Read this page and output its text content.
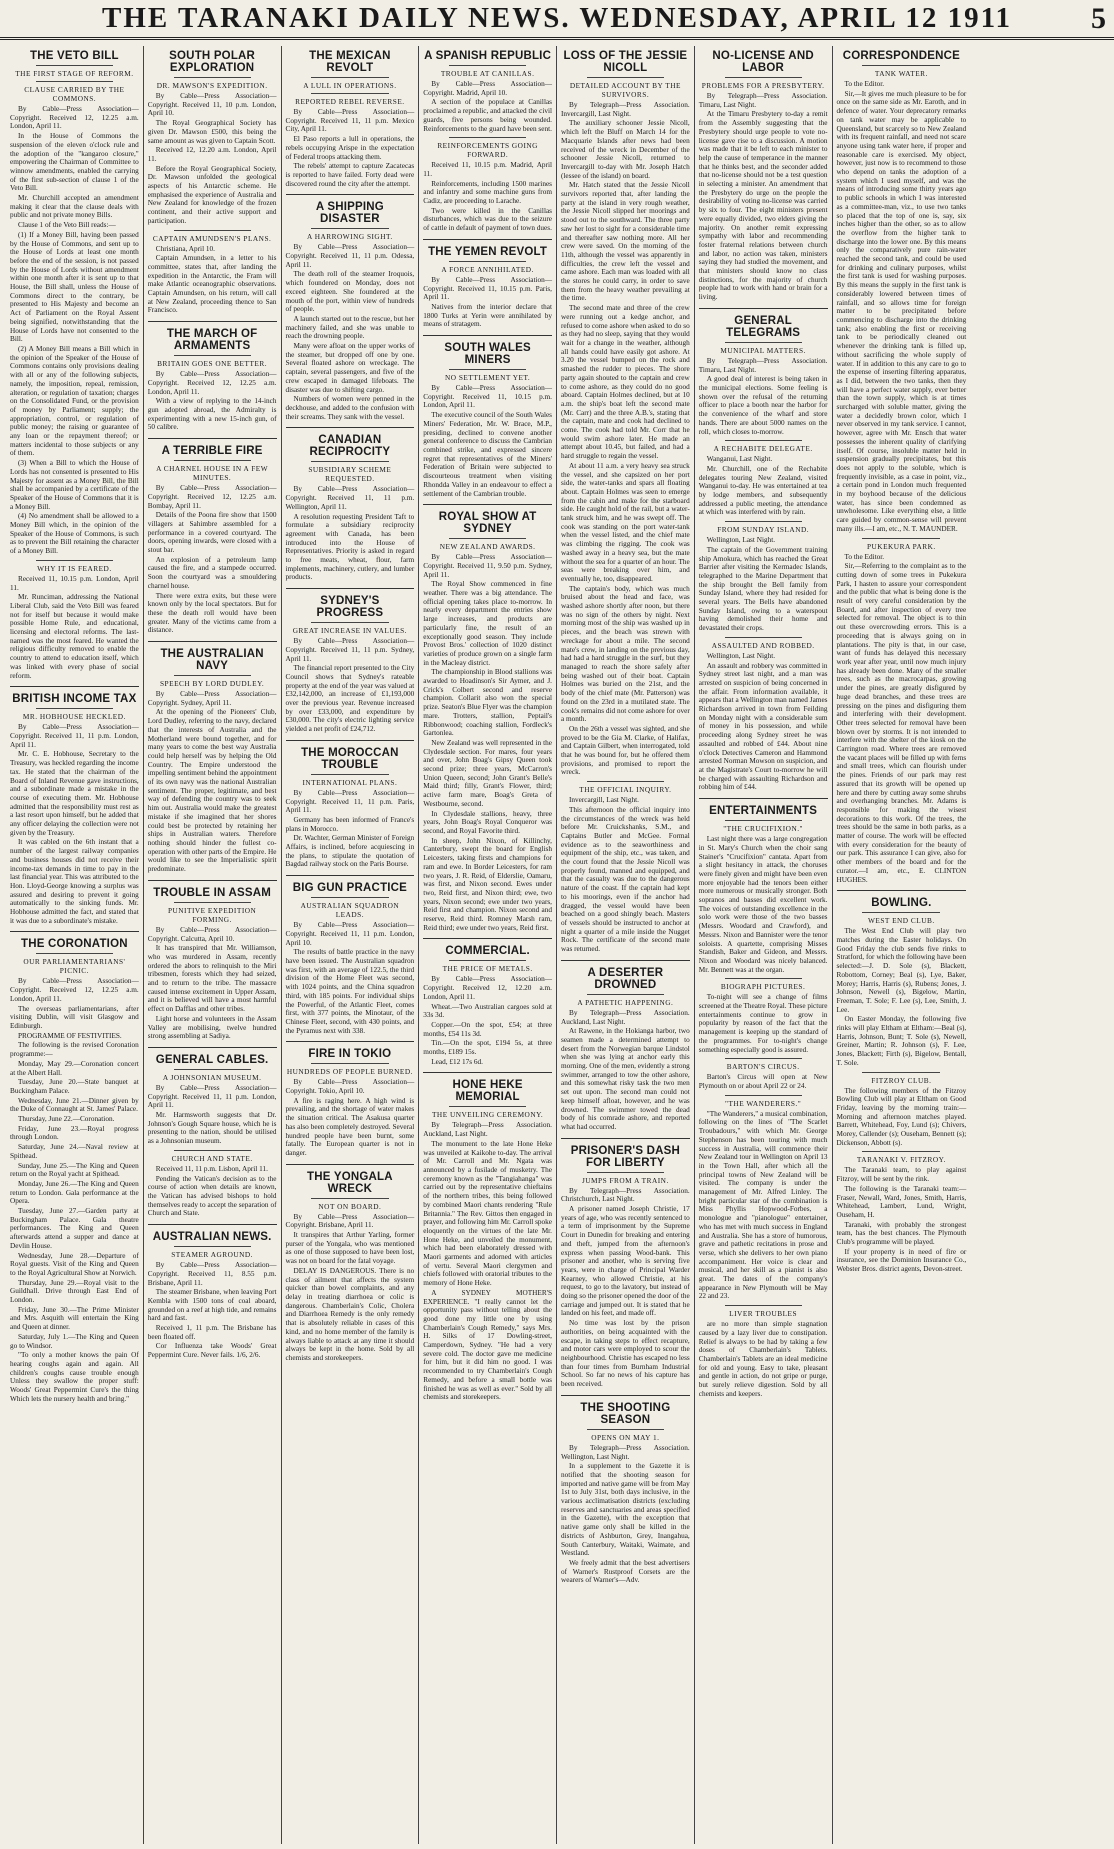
THE TARANAKI DAILY NEWS. WEDNESDAY, APRIL 12 1911	5
THE VETO BILL
THE FIRST STAGE OF REFORM.
CLAUSE CARRIED BY THE COMMONS.

By Cable—Press Association—Copyright. Received 12, 12.25 a.m. London, April 11.

In the House of Commons the suspension of the eleven o'clock rule and the adoption of the "kangaroo closure," empowering the Chairman of Committee to winnow amendments, enabled the carrying of the first sub-section of clause 1 of the Veto Bill.

Mr. Churchill accepted an amendment making it clear that the clause deals with public and not private money Bills.

Clause 1 of the Veto Bill reads:—

(1) If a Money Bill, having been passed by the House of Commons, and sent up to the House of Lords at least one month before the end of the session, is not passed by the House of Lords without amendment within one month after it is sent up to that House, the Bill shall, unless the House of Commons direct to the contrary, be presented to His Majesty and become an Act of Parliament on the Royal Assent being signified, notwithstanding that the House of Lords have not consented to the Bill.

(2) A Money Bill means a Bill which in the opinion of the Speaker of the House of Commons contains only provisions dealing with all or any of the following subjects, namely, the imposition, repeal, remission, alteration, or regulation of taxation; charges on the Consolidated Fund, or the provision of money by Parliament; supply; the appropriation, control, or regulation of public money; the raising or guarantee of any loan or the repayment thereof; or matters incidental to those subjects or any of them.

(3) When a Bill to which the House of Lords has not consented is presented to His Majesty for assent as a Money Bill, the Bill shall be accompanied by a certificate of the Speaker of the House of Commons that it is a Money Bill.

(4) No amendment shall be allowed to a Money Bill which, in the opinion of the Speaker of the House of Commons, is such as to prevent the Bill retaining the character of a Money Bill.

WHY IT IS FEARED.

Received 11, 10.15 p.m. London, April 11.

Mr. Runciman, addressing the National Liberal Club, said the Veto Bill was feared not for itself but because it would make possible Home Rule, and educational, licensing and electoral reforms. The last-named was the most feared. He wanted the religious difficulty removed to enable the country to attend to education itself, which was linked with every phase of social reform.

BRITISH INCOME TAX
MR. HOBHOUSE HECKLED.

By Cable—Press Association—Copyright. Received 11, 11 p.m. London, April 11.

Mr. C. E. Hobhouse, Secretary to the Treasury, was heckled regarding the income tax. He stated that the chairman of the Board of Inland Revenue gave instructions, and a subordinate made a mistake in the course of executing them. Mr. Hobhouse admitted that the responsibility must rest as a last resort upon himself, but he added that any officer delaying the collection were not given by the Treasury.

It was cabled on the 6th instant that a number of the largest railway companies and business houses did not receive their income-tax demands in time to pay in the last financial year. This was attributed to the Hon. Lloyd-George knowing a surplus was assured and desiring to prevent it going automatically to the sinking funds. Mr. Hobhouse admitted the fact, and stated that it was due to a subordinate's mistake.

THE CORONATION
OUR PARLIAMENTARIANS' PICNIC.

By Cable—Press Association—Copyright. Received 12, 12.25 a.m. London, April 11.

The overseas parliamentarians, after visiting Dublin, will visit Glasgow and Edinburgh.

PROGRAMME OF FESTIVITIES.

The following is the revised Coronation programme:—

Monday, May 29.—Coronation concert at the Albert Hall.

Tuesday, June 20.—State banquet at Buckingham Palace.

Wednesday, June 21.—Dinner given by the Duke of Connaught at St. James' Palace.

Thursday, June 22.—Coronation.

Friday, June 23.—Royal progress through London.

Saturday, June 24.—Naval review at Spithead.

Sunday, June 25.—The King and Queen return on the Royal yacht at Spithead.

Monday, June 26.—The King and Queen return to London. Gala performance at the Opera.

Tuesday, June 27.—Garden party at Buckingham Palace. Gala theatre performances. The King and Queen afterwards attend a supper and dance at Devlin House.

Wednesday, June 28.—Departure of Royal guests. Visit of the King and Queen to the Royal Agricultural Show at Norwich.

Thursday, June 29.—Royal visit to the Guildhall. Drive through East End of London.

Friday, June 30.—The Prime Minister and Mrs. Asquith will entertain the King and Queen at dinner.

Saturday, July 1.—The King and Queen go to Windsor.

"To only a mother knows the pain Of hearing coughs again and again. All children's coughs cause trouble enough Unless they swallow the proper stuff: Woods' Great Peppermint Cure's the thing Which lets the nursery health and bring."

SOUTH POLAR EXPLORATION
DR. MAWSON'S EXPEDITION.

By Cable—Press Association—Copyright. Received 11, 10 p.m. London, April 10.

The Royal Geographical Society has given Dr. Mawson £500, this being the same amount as was given to Captain Scott.

Received 12, 12.20 a.m. London, April 11.

Before the Royal Geographical Society, Dr. Mawson unfolded the geological aspects of his Antarctic scheme. He emphasised the experience of Australia and New Zealand for knowledge of the frozen continent, and their active support and participation.

CAPTAIN AMUNDSEN'S PLANS.

Christiana, April 10.

Captain Amundsen, in a letter to his committee, states that, after landing the expedition in the Antarctic, the Fram will make Atlantic oceanographic observations. Captain Amundsen, on his return, will call at New Zealand, proceeding thence to San Francisco.

THE MARCH OF ARMAMENTS
BRITAIN GOES ONE BETTER.

By Cable—Press Association—Copyright. Received 12, 12.25 a.m. London, April 11.

With a view of replying to the 14-inch gun adopted abroad, the Admiralty is experimenting with a new 15-inch gun, of 50 calibre.

A TERRIBLE FIRE
A CHARNEL HOUSE IN A FEW MINUTES.

By Cable—Press Association—Copyright. Received 12, 12.25 a.m. Bombay, April 11.

Details of the Poona fire show that 1500 villagers at Sahimbre assembled for a performance in a covered courtyard. The doors, opening inwards, were closed with a stout bar.

An explosion of a petroleum lamp caused the fire, and a stampede occurred. Soon the courtyard was a smouldering charnel house.

There were extra exits, but these were known only by the local spectators. But for these the death roll would have been greater. Many of the victims came from a distance.

THE AUSTRALIAN NAVY
SPEECH BY LORD DUDLEY.

By Cable—Press Association—Copyright. Sydney, April 11.

At the opening of the Pioneers' Club, Lord Dudley, referring to the navy, declared that the interests of Australia and the Motherland were bound together, and for many years to come the best way Australia could help herself was by helping the Old Country. The Empire understood the impelling sentiment behind the appointment of its own navy was the national Australian sentiment. The proper, legitimate, and best way of defending the country was to seek him out. Australia would make the greatest mistake if she imagined that her shores could best be protected by retaining her ships in Australian waters. Therefore nothing should hinder the fullest co-operation with other parts of the Empire. He would like to see the Imperialistic spirit predominate.

TROUBLE IN ASSAM
PUNITIVE EXPEDITION FORMING.

By Cable—Press Association—Copyright. Calcutta, April 10.

It has transpired that Mr. Williamson, who was murdered in Assam, recently ordered the abors to relinquish to the Miri tribesmen, forests which they had seized, and to return to the tribe. The massacre caused intense excitement in Upper Assam, and it is believed will have a most harmful effect on Dafflas and other tribes.

Light horse and volunteers in the Assam Valley are mobilising, twelve hundred strong assembling at Sadiya.

GENERAL CABLES.
A JOHNSONIAN MUSEUM.

By Cable—Press Association—Copyright. Received 11, 11 p.m. London, April 11.

Mr. Harmsworth suggests that Dr. Johnson's Gough Square house, which he is presenting to the nation, should be utilised as a Johnsonian museum.

CHURCH AND STATE.

Received 11, 11 p.m. Lisbon, April 11.

Pending the Vatican's decision as to the course of action when details are known, the Vatican has advised bishops to hold themselves ready to accept the separation of Church and State.

AUSTRALIAN NEWS.
STEAMER AGROUND.

By Cable—Press Association—Copyright. Received 11, 8.55 p.m. Brisbane, April 11.

The steamer Brisbane, when leaving Port Kembla with 1500 tons of coal aboard, grounded on a reef at high tide, and remains hard and fast.

Received 1, 11 p.m. The Brisbane has been floated off.

Cor Influenza take Woods' Great Peppermint Cure. Never fails. 1/6, 2/6.

THE MEXICAN REVOLT
A LULL IN OPERATIONS.
REPORTED REBEL REVERSE.

By Cable—Press Association—Copyright. Received 11, 11 p.m. Mexico City, April 11.

El Paso reports a lull in operations, the rebels occupying Arispe in the expectation of Federal troops attacking them.

The rebels' attempt to capture Zacatecas is reported to have failed. Forty dead were discovered round the city after the attempt.

A SHIPPING DISASTER
A HARROWING SIGHT.

By Cable—Press Association—Copyright. Received 11, 11 p.m. Odessa, April 11.

The death roll of the steamer Iroquois, which foundered on Monday, does not exceed eighteen. She foundered at the mouth of the port, within view of hundreds of people.

A launch started out to the rescue, but her machinery failed, and she was unable to reach the drowning people.

Many were afloat on the upper works of the steamer, but dropped off one by one. Several floated ashore on wreckage. The captain, several passengers, and five of the crew escaped in damaged lifeboats. The disaster was due to shifting cargo.

Numbers of women were penned in the deckhouse, and added to the confusion with their screams. They sank with the vessel.

CANADIAN RECIPROCITY
SUBSIDIARY SCHEME REQUESTED.

By Cable—Press Association—Copyright. Received 11, 11 p.m. Wellington, April 11.

A resolution requesting President Taft to formulate a subsidiary reciprocity agreement with Canada, has been introduced into the House of Representatives. Priority is asked in regard to free meats, wheat, flour, farm implements, machinery, cutlery, and lumber products.

SYDNEY'S PROGRESS
GREAT INCREASE IN VALUES.

By Cable—Press Association—Copyright. Received 11, 11 p.m. Sydney, April 11.

The financial report presented to the City Council shows that Sydney's rateable property at the end of the year was valued at £32,142,000, an increase of £1,193,000 over the previous year. Revenue increased by over £33,000, and expenditure by £30,000. The city's electric lighting service yielded a net profit of £24,712.

THE MOROCCAN TROUBLE
INTERNATIONAL PLANS.

By Cable—Press Association—Copyright. Received 11, 11 p.m. Paris, April 11.

Germany has been informed of France's plans in Morocco.

Dr. Wachter, German Minister of Foreign Affairs, is inclined, before acquiescing in the plans, to stipulate the quotation of Bagdad railway stock on the Paris Bourse.

BIG GUN PRACTICE
AUSTRALIAN SQUADRON LEADS.

By Cable—Press Association—Copyright. Received 11, 11 p.m. London, April 10.

The results of battle practice in the navy have been issued. The Australian squadron was first, with an average of 122.5, the third division of the Home Fleet was second, with 1024 points, and the China squadron third, with 185 points. For individual ships the Powerful, of the Atlantic Fleet, comes first, with 377 points, the Minotaur, of the Chinese Fleet, second, with 430 points, and the Pyramus next with 338.

FIRE IN TOKIO
HUNDREDS OF PEOPLE BURNED.

By Cable—Press Association—Copyright. Tokio, April 10.

A fire is raging here. A high wind is prevailing, and the shortage of water makes the situation critical. The Asakusa quarter has also been completely destroyed. Several hundred people have been burnt, some fatally. The European quarter is not in danger.

THE YONGALA WRECK
NOT ON BOARD.

By Cable—Press Association—Copyright. Brisbane, April 11.

It transpires that Arthur Yarling, former purser of the Yongala, who was mentioned as one of those supposed to have been lost, was not on board for the fatal voyage.

DELAY IS DANGEROUS. There is no class of ailment that affects the system quicker than bowel complaints, and any delay in treating diarrhoea or colic is dangerous. Chamberlain's Colic, Cholera and Diarrhoea Remedy is the only remedy that is absolutely reliable in cases of this kind, and no home member of the family is always liable to attack at any time it should always be kept in the home. Sold by all chemists and storekeepers.

A SPANISH REPUBLIC
TROUBLE AT CANILLAS.

By Cable—Press Association—Copyright. Madrid, April 10.

A section of the populace at Canillas proclaimed a republic, and attacked the civil guards, five persons being wounded. Reinforcements to the guard have been sent.

REINFORCEMENTS GOING FORWARD.

Received 11, 10.15 p.m. Madrid, April 11.

Reinforcements, including 1500 marines and infantry and some machine guns from Cadiz, are proceeding to Larache.

Two were killed in the Canillas disturbances, which was due to the seizure of cattle in default of payment of town dues.

THE YEMEN REVOLT
A FORCE ANNIHILATED.

By Cable—Press Association—Copyright. Received 11, 10.15 p.m. Paris, April 11.

Natives from the interior declare that 1800 Turks at Yerin were annihilated by means of stratagem.

SOUTH WALES MINERS
NO SETTLEMENT YET.

By Cable—Press Association—Copyright. Received 11, 10.15 p.m. London, April 11.

The executive council of the South Wales Miners' Federation, Mr. W. Brace, M.P., presiding, declined to convene another general conference to discuss the Cambrian combined strike, and expressed sincere regret that representatives of the Miners' Federation of Britain were subjected to discourteous treatment when visiting Rhondda Valley in an endeavour to effect a settlement of the Cambrian trouble.

ROYAL SHOW AT SYDNEY
NEW ZEALAND AWARDS.

By Cable—Press Association—Copyright. Received 11, 9.50 p.m. Sydney, April 11.

The Royal Show commenced in fine weather. There was a big attendance. The official opening takes place to-morrow. In nearly every department the entries show large increases, and products are particularly fine, the result of an exceptionally good season. They include Provost Bros.' collection of 1020 distinct varieties of produce grown on a single farm in the Macleay district.

The championship in Blood stallions was awarded to Hoadinson's Sir Aymer, and J. Crick's Colbert second and reserve champion. Collarit also won the special prize. Seaton's Blue Flyer was the champion mare. Trotters, stallion, Peptail's Ribbonwood; coaching stallion, Fordleck's Gartonlea.

New Zealand was well represented in the Clydesdale section. For mares, four years and over, John Boag's Gipsy Queen took second prize; three years, McCarron's Union Queen, second; John Grant's Belle's Maid third; filly, Grant's Flower, third; active farm mare, Boag's Greta of Westbourne, second.

In Clydesdale stallions, heavy, three years, John Boag's Royal Conqueror was second, and Royal Favorite third.

In sheep, John Nixon, of Killinchy, Canterbury, swept the board for English Leicesters, taking firsts and champions for ram and ewe. In Border Leicesters, for ram two years, J. R. Reid, of Elderslie, Oamaru, was first, and Nixon second. Ewes under two, Reid first, and Nixon third; ewe, two years, Nixon second; ewe under two years, Reid first and champion. Nixon second and reserve, Reid third. Romney Marsh ram, Reid third; ewe under two years, Reid first.

COMMERCIAL.
THE PRICE OF METALS.

By Cable—Press Association—Copyright. Received 12, 12.20 a.m. London, April 11.

Wheat.—Two Australian cargoes sold at 33s 3d.

Copper.—On the spot, £54; at three months, £54 11s 3d.

Tin.—On the spot, £194 5s, at three months, £189 15s.

Lead, £12 17s 6d.

HONE HEKE MEMORIAL
THE UNVEILING CEREMONY.

By Telegraph—Press Association. Auckland, Last Night.

The monument to the late Hone Heke was unveiled at Kaikohe to-day. The arrival of Mr. Carroll and Mr. Ngata was announced by a fusilade of musketry. The ceremony known as the "Tangiahanga" was carried out by the representative chieftains of the northern tribes, this being followed by combined Maori chants rendering "Rule Britannia." The Rev. Gittos then engaged in prayer, and following him Mr. Carroll spoke eloquently on the virtues of the late Mr. Hone Heke, and unveiled the monument, which had been elaborately dressed with Maori garments and adorned with articles of vertu. Several Maori clergymen and chiefs followed with oratorial tributes to the memory of Hone Heke.

A SYDNEY MOTHER'S EXPERIENCE. "I really cannot let the opportunity pass without telling about the good done my little one by using Chamberlain's Cough Remedy," says Mrs. H. Silks of 17 Dowling-street, Camperdown, Sydney. "He had a very severe cold. The doctor gave me medicine for him, but it did him no good. I was recommended to try Chamberlain's Cough Remedy, and before a small bottle was finished he was as well as ever." Sold by all chemists and storekeepers.

LOSS OF THE JESSIE NICOLL
DETAILED ACCOUNT BY THE SURVIVORS.

By Telegraph—Press Association. Invercargill, Last Night.

The auxiliary schooner Jessie Nicoll, which left the Bluff on March 14 for the Macquarie Islands after news had been received of the wreck in December of the schooner Jessie Nicoll, returned to Invercargill to-day with Mr. Joseph Hatch (lessee of the island) on board.

Mr. Hatch stated that the Jessie Nicoll survivors reported that, after landing the party at the island in very rough weather, the Jessie Nicoll slipped her moorings and stood out to the southward. The three party saw her lost to sight for a considerable time and thereafter saw nothing more. All her crew were saved. On the morning of the 11th, although the vessel was apparently in difficulties, the crew left the vessel and came ashore. Each man was loaded with all the stores he could carry, in order to save them from the heavy weather prevailing at the time.

The second mate and three of the crew were running out a kedge anchor, and refused to come ashore when asked to do so as they had no sleep, saying that they would wait for a change in the weather, although all hands could have easily got ashore. At 3.20 the vessel bumped on the rock and smashed the rudder to pieces. The shore party again shouted to the captain and crew to come ashore, as they could do no good aboard. Captain Holmes declined, but at 10 a.m. the ship's boat left the second mate (Mr. Carr) and the three A.B.'s, stating that the captain, mate and cook had declined to come. The cook had told Mr. Corr that he would swim ashore later. He made an attempt about 10.45, but failed, and had a hard struggle to regain the vessel.

At about 11 a.m. a very heavy sea struck the vessel, and she capsized on her port side, the water-tanks and spars all floating about. Captain Holmes was seen to emerge from the cabin and make for the starboard side. He caught hold of the rail, but a water-tank struck him, and he was swept off. The cook was standing on the port water-tank when the vessel listed, and the chief mate was climbing the rigging. The cook was washed away in a heavy sea, but the mate without the sea for a quarter of an hour. The seas were breaking over him, and eventually he, too, disappeared.

The captain's body, which was much bruised about the head and face, was washed ashore shortly after noon, but there was no sign of the others by night. Next morning most of the ship was washed up in pieces, and the beach was strewn with wreckage for about a mile. The second mate's crew, in landing on the previous day, had had a hard struggle in the surf, but they managed to reach the shore safely after being washed out of their boat. Captain Holmes was buried on the 21st, and the body of the chief mate (Mr. Patterson) was found on the 23rd in a mutilated state. The cook's remains did not come ashore for over a month.

On the 26th a vessel was sighted, and she proved to be the Gia M. Clarke, of Halifax, and Captain Gilbert, when interrogated, told that he was bound for, but he offered them provisions, and promised to report the wreck.

THE OFFICIAL INQUIRY.

Invercargill, Last Night.

This afternoon the official inquiry into the circumstances of the wreck was held before Mr. Cruickshanks, S.M., and Captains Butler and McGee. Formal evidence as to the seaworthiness and equipment of the ship, etc., was taken, and the court found that the Jessie Nicoll was properly found, manned and equipped, and that the casualty was due to the dangerous nature of the coast. If the captain had kept to his moorings, even if the anchor had dragged, the vessel would have been beached on a good shingly beach. Masters of vessels should be instructed to anchor at night a quarter of a mile inside the Nugget Rock. The certificate of the second mate was returned.

A DESERTER DROWNED
A PATHETIC HAPPENING.

By Telegraph—Press Association. Auckland, Last Night.

At Rawene, in the Hokianga harbor, two seamen made a determined attempt to desert from the Norwegian barque Lindstol when she was lying at anchor early this morning. One of the men, evidently a strong swimmer, arranged to tow the other ashore, and this somewhat risky task the two men set out upon. The second man could not keep himself afloat, however, and he was drowned. The swimmer towed the dead body of his comrade ashore, and reported what had occurred.

PRISONER'S DASH FOR LIBERTY
JUMPS FROM A TRAIN.

By Telegraph—Press Association. Christchurch, Last Night.

A prisoner named Joseph Christie, 17 years of age, who was recently sentenced to a term of imprisonment by the Supreme Court in Dunedin for breaking and entering and theft, jumped from the afternoon's express when passing Wood-bank. This prisoner and another, who is serving five years, were in charge of Principal Warder Kearney, who allowed Christie, at his request, to go to the lavatory, but instead of doing so the prisoner opened the door of the carriage and jumped out. It is stated that he landed on his feet, and made off.

No time was lost by the prison authorities, on being acquainted with the escape, in taking steps to effect recapture, and motor cars were employed to scour the neighbourhood. Christie has escaped no less than four times from Burnham Industrial School. So far no news of his capture has been received.

THE SHOOTING SEASON
OPENS ON MAY 1.

By Telegraph—Press Association. Wellington, Last Night.

In a supplement to the Gazette it is notified that the shooting season for imported and native game will be from May 1st to July 31st, both days inclusive, in the various acclimatisation districts (excluding reserves and sanctuaries and areas specified in the Gazette), with the exception that native game only shall be killed in the districts of Ashburton, Grey, Inangahua, South Canterbury, Waitaki, Waimate, and Westland.

We freely admit that the best advertisers of Warner's Rustproof Corsets are the wearers of Warner's—Adv.

NO-LICENSE AND LABOR
PROBLEMS FOR A PRESBYTERY.

By Telegraph—Press Association. Timaru, Last Night.

At the Timaru Presbytery to-day a remit from the Assembly suggesting that the Presbytery should urge people to vote no-license gave rise to a discussion. A motion was made that it be left to each minister to help the cause of temperance in the manner that he thinks best, and the seconder added that no-license should not be a test question in selecting a minister. An amendment that the Presbytery do urge on the people the desirability of voting no-license was carried by six to four. The eight ministers present were equally divided, two elders giving the majority. On another remit expressing sympathy with labor and recommending foster fraternal relations between church and labor, no action was taken, ministers saying they had studied the movement, and that ministers should know no class distinctions, for the majority of church people had to work with hand or brain for a living.

GENERAL TELEGRAMS
MUNICIPAL MATTERS.

By Telegraph—Press Association. Timaru, Last Night.

A good deal of interest is being taken in the municipal elections. Some feeling is shown over the refusal of the returning officer to place a booth near the harbor for the convenience of the wharf and store hands. There are about 5000 names on the roll, which closes to-morrow.

A RECHABITE DELEGATE.

Wanganui, Last Night.

Mr. Churchill, one of the Rechabite delegates touring New Zealand, visited Wanganui to-day. He was entertained at tea by lodge members, and subsequently addressed a public meeting, the attendance at which was interfered with by rain.

FROM SUNDAY ISLAND.

Wellington, Last Night.

The captain of the Government training ship Amokura, which has reached the Great Barrier after visiting the Kermadec Islands, telegraphed to the Marine Department that the ship brought the Bell family from Sunday Island, where they had resided for several years. The Bells have abandoned Sunday Island, owing to a waterspout having demolished their home and devastated their crops.

ASSAULTED AND ROBBED.

Wellington, Last Night.

An assault and robbery was committed in Sydney street last night, and a man was arrested on suspicion of being concerned in the affair. From information available, it appears that a Wellington man named James Richardson arrived in town from Feilding on Monday night with a considerable sum of money in his possession, and while proceeding along Sydney street he was assaulted and robbed of £44. About nine o'clock Detectives Cameron and Hammond arrested Norman Mowson on suspicion, and at the Magistrate's Court to-morrow he will be charged with assaulting Richardson and robbing him of £44.

ENTERTAINMENTS
"THE CRUCIFIXION."

Last night there was a large congregation in St. Mary's Church when the choir sang Stainer's "Crucifixion" cantata. Apart from a slight hesitancy in attack, the choruses were finely given and might have been even more enjoyable had the tenors been either more numerous or musically stronger. Both sopranos and basses did excellent work. The voices of outstanding excellence in the solo work were those of the two basses (Messrs. Woodard and Crawford), and Messrs. Nixon and Bannister were the tenor soloists. A quartette, comprising Misses Standish, Baker and Gideon, and Messrs. Nixon and Woodard was nicely balanced. Mr. Bennett was at the organ.

BIOGRAPH PICTURES.

To-night will see a change of films screened at the Theatre Royal. These picture entertainments continue to grow in popularity by reason of the fact that the management is keeping up the standard of the programmes. For to-night's change something especially good is assured.

BARTON'S CIRCUS.

Barton's Circus will open at New Plymouth on or about April 22 or 24.

"THE WANDERERS."

"The Wanderers," a musical combination, following on the lines of "The Scarlet Troubadours," with which Mr. George Stephenson has been touring with much success in Australia, will commence their New Zealand tour in Wellington on April 13 in the Town Hall, after which all the principal towns of New Zealand will be visited. The company is under the management of Mr. Alfred Linley. The bright particular star of the combination is Miss Phyllis Hopwood-Forbes, a monologue and "pianologue" entertainer, who has met with much success in England and Australia. She has a store of humorous, grave and pathetic recitations in prose and verse, which she delivers to her own piano accompaniment. Her voice is clear and musical, and her skill as a pianist is also great. The dates of the company's appearance in New Plymouth will be May 22 and 23.

LIVER TROUBLES

are no more than simple stagnation caused by a lazy liver due to constipation. Relief is always to be had by taking a few doses of Chamberlain's Tablets. Chamberlain's Tablets are an ideal medicine for old and young. Easy to take, pleasant and gentle in action, do not gripe or purge, but surely relieve digestion. Sold by all chemists and keepers.

CORRESPONDENCE
TANK WATER.

To the Editor.

Sir,—It gives me much pleasure to be for once on the same side as Mr. Earoth, and in defence of water. Your deprecatory remarks on tank water may be applicable to Queensland, but scarcely so to New Zealand with its frequent rainfall, and need not scare anyone using tank water here, if proper and reasonable care is exercised. My object, however, just now is to recommend to those who depend on tanks the adoption of a system which I used myself, and was the means of introducing some thirty years ago to public schools in which I was interested as a committee-man, viz., to use two tanks so placed that the top of one is, say, six inches higher than the other, so as to allow the overflow from the higher tank to discharge into the lower one. By this means only the comparatively pure rain-water reached the second tank, and could be used for drinking and culinary purposes, whilst the first tank is used for washing purposes. By this means the supply in the first tank is considerably lowered between times of rainfall, and so allows time for foreign matter to be precipitated before commencing to discharge into the drinking tank; also enabling the first or receiving tank to be periodically cleaned out whenever the drinking tank is filled up, without sacrificing the whole supply of water. If in addition to this any care to go to the expense of inserting filtering apparatus, as I did, between the two tanks, then they will have a perfect water supply, ever better than the town supply, which is at times surcharged with soluble matter, giving the water a decidedly brown color, which I never observed in my tank service. I cannot, however, agree with Mr. Ensch that water possesses the inherent quality of clarifying itself. Of course, insoluble matter held in suspension gradually precipitates, but this does not apply to the soluble, which is frequently invisible, as a case in point, viz., a certain pond in London much frequented in my boyhood because of the delicious water, has since been condemned as unwholesome. Like everything else, a little care guided by common-sense will prevent many ills.—I am, etc., N. T. MAUNDER.

PUKEKURA PARK.

To the Editor.

Sir,—Referring to the complaint as to the cutting down of some trees in Pukekura Park, I hasten to assure your correspondent and the public that what is being done is the result of very careful consideration by the Board, and after inspection of every tree selected for removal. The object is to thin out these overcrowding errors. This is a proceeding that is always going on in plantations. The pity is that, in our case, want of funds has delayed this necessary work year after year, until now much injury has already been done. Many of the smaller trees, such as the macrocarpas, growing under the pines, are greatly disfigured by huge dead branches, and these trees are pressing on the pines and disfiguring them and interfering with their development. Other trees selected for removal have been blown over by storms. It is not intended to interfere with the shelter of the kiosk on the Carrington road. Where trees are removed the vacant places will be filled up with ferns and small trees, which can flourish under the pines. Friends of our park may rest assured that its growth will be opened up here and there by cutting away some shrubs and overhanging branches. Mr. Adams is responsible for making the wisest decorations to this work. Of the trees, the trees should be the same in both parks, as a matter of course. The work will be effected with every consideration for the beauty of our park. This assurance I can give, also for other members of the board and for the curator.—I am, etc., E. CLINTON HUGHES.

BOWLING.
WEST END CLUB.

The West End Club will play two matches during the Easter holidays. On Good Friday the club sends five rinks to Stratford, for which the following have been selected:—J. D. Sole (s), Blackett, Robottom, Corney; Beal (s), Lye, Baker, Morey; Harris, Harris (s), Rubens; Jones, J. Johnson, Newell (s), Bigelow, Martin, Freeman, T. Sole; F. Lee (s), Lee, Smith, J. Lee.

On Easter Monday, the following five rinks will play Eltham at Eltham:—Beal (s), Harris, Johnson, Bunt; T. Sole (s), Newell, Greiner, Martin; R. Johnson (s), F. Lee, Jones, Blackett; Firth (s), Bigelow, Bentall, T. Sole.

FITZROY CLUB.

The following members of the Fitzroy Bowling Club will play at Eltham on Good Friday, leaving by the morning train:—Morning and afternoon matches played. Barrett, Whitehead, Foy, Lund (s); Chivers, Morey, Callender (s); Ouseham, Bennett (s); Dickenson, Abbott (s).

TARANAKI V. FITZROY.

The Taranaki team, to play against Fitzroy, will be sent by the rink.

The following is the Taranaki team:—Fraser, Newall, Ward, Jones, Smith, Harris, Whitehead, Lambert, Lund, Wright, Ouseham, H.

Taranaki, with probably the strongest team, has the best chances. The Plymouth Club's programme will be played.

If your property is in need of fire or insurance, see the Dominion Insurance Co., Webster Bros. district agents, Devon-street.
